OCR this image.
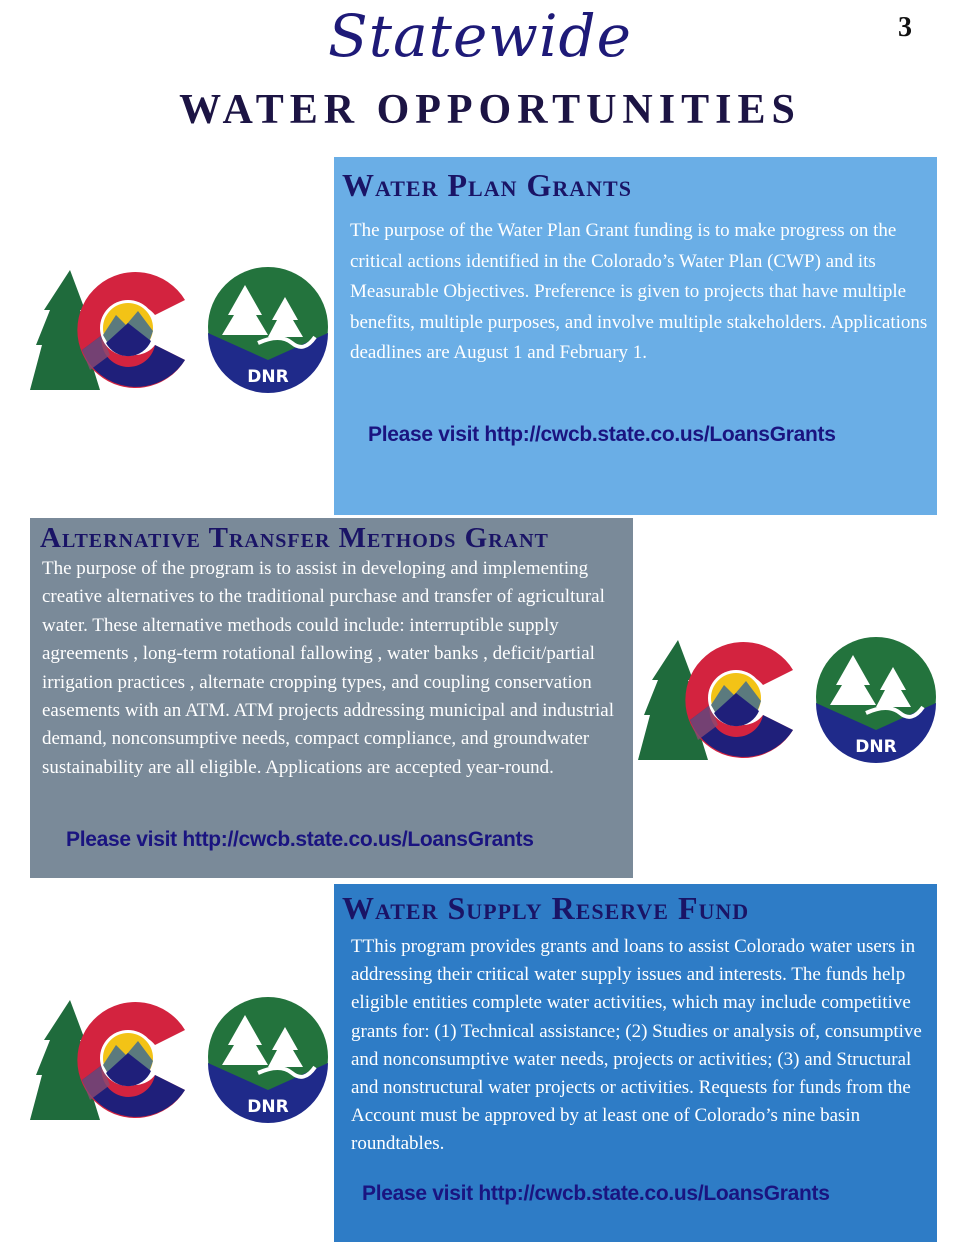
Statewide
WATER OPPORTUNITIES
3
Water Plan Grants

The purpose of the Water Plan Grant funding is to make progress on the critical actions identified in the Colorado’s Water Plan (CWP) and its Measurable Objectives. Preference is given to projects that have multiple benefits, multiple purposes, and involve multiple stakeholders. Applications deadlines are August 1 and February 1.

Please visit http://cwcb.state.co.us/LoansGrants
DNR
Alternative Transfer Methods Grant

The purpose of the program is to assist in developing and implementing creative alternatives to the traditional purchase and transfer of agricultural water. These alternative methods could include: interruptible supply agreements , long-term rotational fallowing , water banks , deficit/partial irrigation practices , alternate cropping types, and coupling conservation easements with an ATM. ATM projects addressing municipal and industrial demand, nonconsumptive needs, compact compliance, and groundwater sustainability are all eligible. Applications are accepted year-round.

Please visit http://cwcb.state.co.us/LoansGrants
DNR
Water Supply Reserve Fund

TThis program provides grants and loans to assist Colorado water users in addressing their critical water supply issues and interests. The funds help eligible entities complete water activities, which may include competitive grants for: (1) Technical assistance; (2) Studies or analysis of, consumptive and nonconsumptive water needs, projects or activities; (3) and Structural and nonstructural water projects or activities. Requests for funds from the Account must be approved by at least one of Colorado’s nine basin roundtables.

Please visit http://cwcb.state.co.us/LoansGrants
DNR
